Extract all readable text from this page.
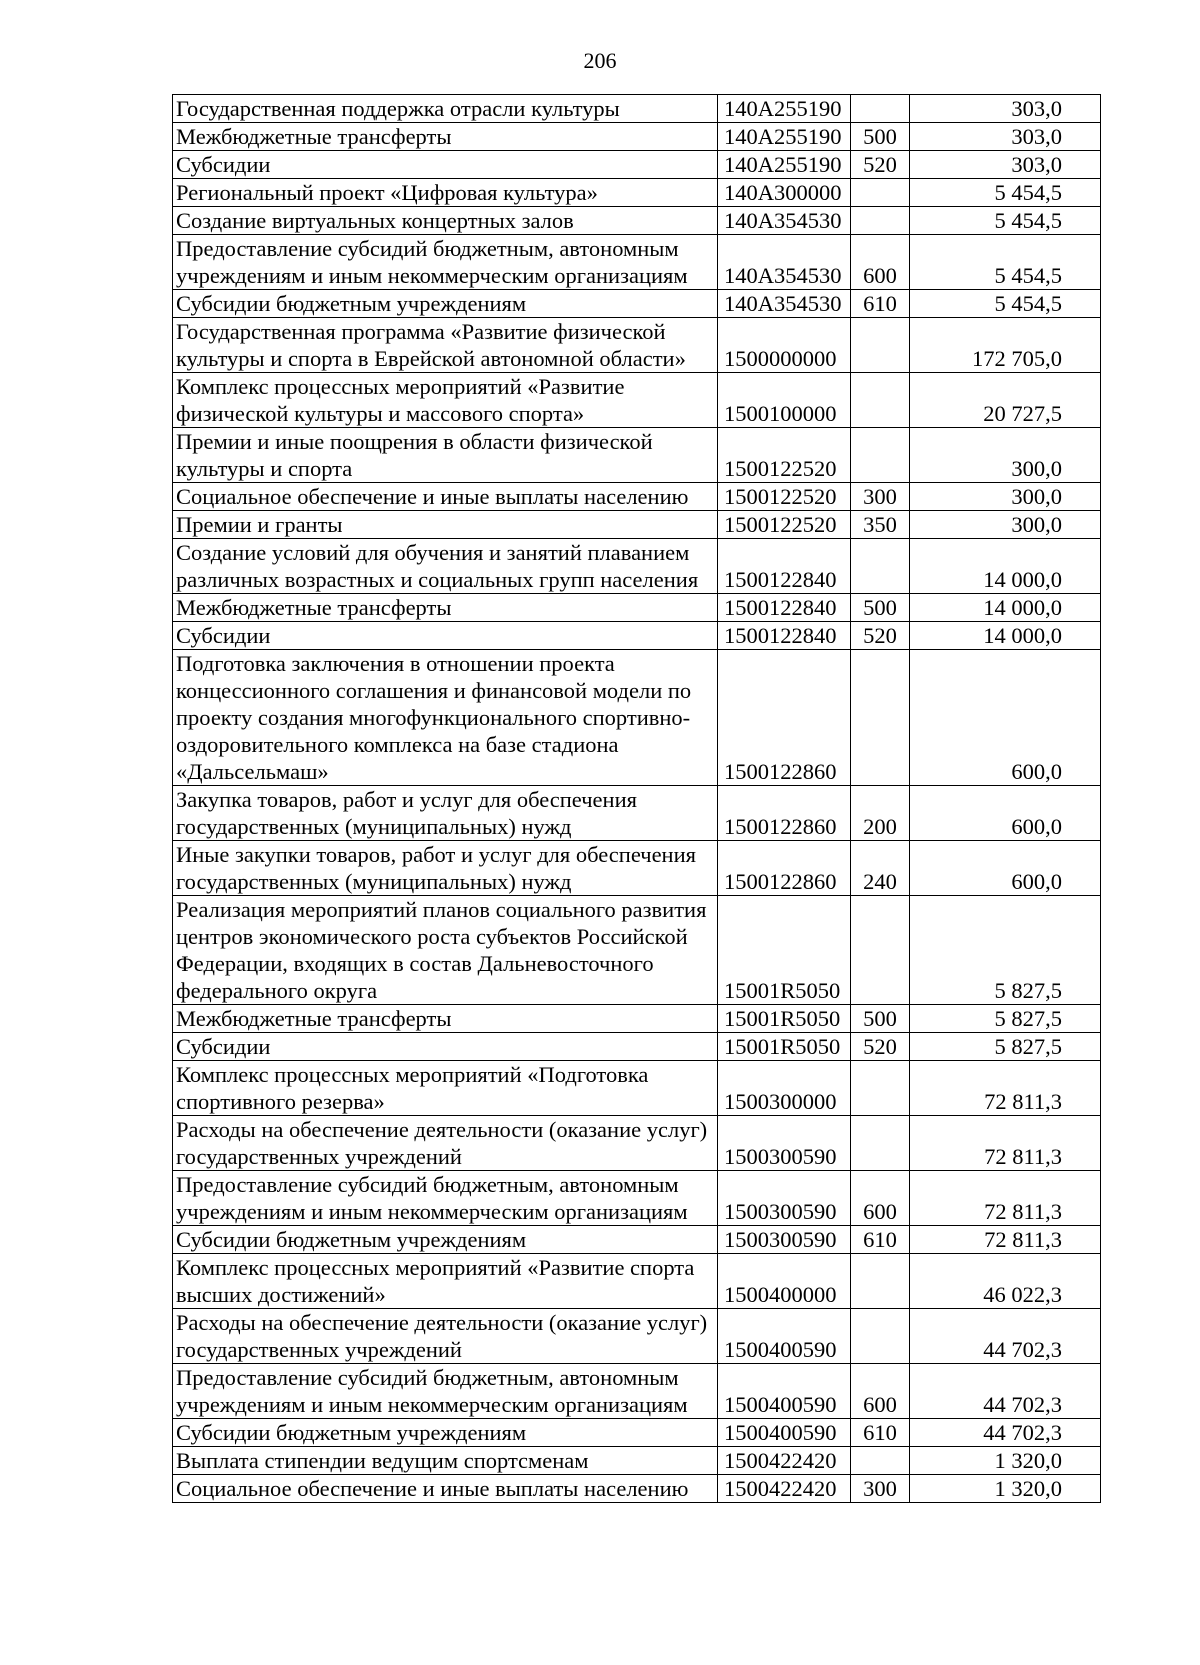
206
Государственная поддержка отрасли культуры	140A255190		303,0
Межбюджетные трансферты	140A255190	500	303,0
Субсидии	140A255190	520	303,0
Региональный проект «Цифровая культура»	140A300000		5 454,5
Создание виртуальных концертных залов	140A354530		5 454,5
Предоставление субсидий бюджетным, автономным учреждениям и иным некоммерческим организациям	140A354530	600	5 454,5
Субсидии бюджетным учреждениям	140A354530	610	5 454,5
Государственная программа «Развитие физической культуры и спорта в Еврейской автономной области»	1500000000		172 705,0
Комплекс процессных мероприятий «Развитие физической культуры и массового спорта»	1500100000		20 727,5
Премии и иные поощрения в области физической культуры и спорта	1500122520		300,0
Социальное обеспечение и иные выплаты населению	1500122520	300	300,0
Премии и гранты	1500122520	350	300,0
Создание условий для обучения и занятий плаванием различных возрастных и социальных групп населения	1500122840		14 000,0
Межбюджетные трансферты	1500122840	500	14 000,0
Субсидии	1500122840	520	14 000,0
Подготовка заключения в отношении проекта концессионного соглашения и финансовой модели по проекту создания многофункционального спортивно-оздоровительного комплекса на базе стадиона «Дальсельмаш»	1500122860		600,0
Закупка товаров, работ и услуг для обеспечения государственных (муниципальных) нужд	1500122860	200	600,0
Иные закупки товаров, работ и услуг для обеспечения государственных (муниципальных) нужд	1500122860	240	600,0
Реализация мероприятий планов социального развития центров экономического роста субъектов Российской Федерации, входящих в состав Дальневосточного федерального округа	15001R5050		5 827,5
Межбюджетные трансферты	15001R5050	500	5 827,5
Субсидии	15001R5050	520	5 827,5
Комплекс процессных мероприятий «Подготовка спортивного резерва»	1500300000		72 811,3
Расходы на обеспечение деятельности (оказание услуг) государственных учреждений	1500300590		72 811,3
Предоставление субсидий бюджетным, автономным учреждениям и иным некоммерческим организациям	1500300590	600	72 811,3
Субсидии бюджетным учреждениям	1500300590	610	72 811,3
Комплекс процессных мероприятий «Развитие спорта высших достижений»	1500400000		46 022,3
Расходы на обеспечение деятельности (оказание услуг) государственных учреждений	1500400590		44 702,3
Предоставление субсидий бюджетным, автономным учреждениям и иным некоммерческим организациям	1500400590	600	44 702,3
Субсидии бюджетным учреждениям	1500400590	610	44 702,3
Выплата стипендии ведущим спортсменам	1500422420		1 320,0
Социальное обеспечение и иные выплаты населению	1500422420	300	1 320,0
